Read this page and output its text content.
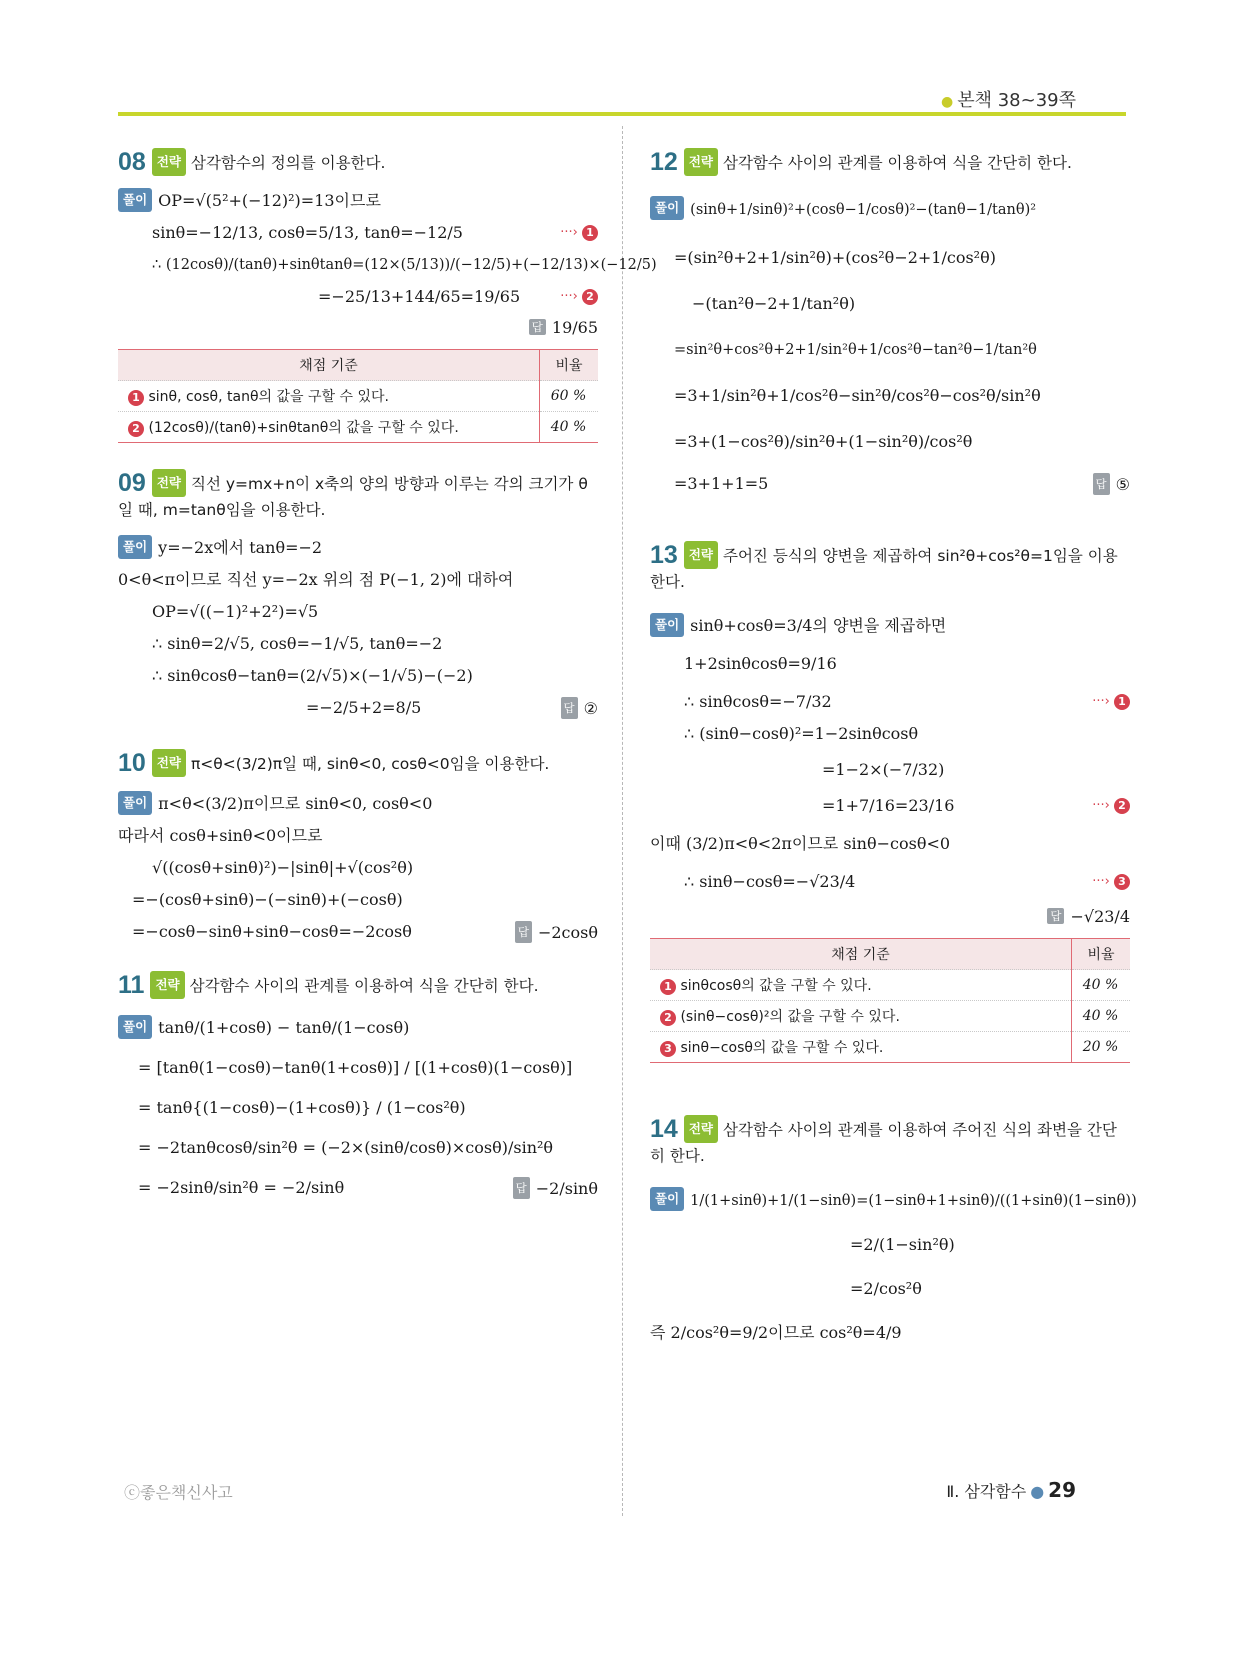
● 본책 38~39쪽
08 전략 삼각함수의 정의를 이용한다.
풀이 OP=√(5²+(−12)²)=13이므로
sinθ=−12/13, cosθ=5/13, tanθ=−12/5	···› 1
∴ (12cosθ)/(tanθ)+sinθtanθ=(12×(5/13))/(−12/5)+(−12/13)×(−12/5)
=−25/13+144/65=19/65	···› 2
답 19/65
채점 기준	비율
1 sinθ, cosθ, tanθ의 값을 구할 수 있다.	60 %
2 (12cosθ)/(tanθ)+sinθtanθ의 값을 구할 수 있다.	40 %
09 전략 직선 y=mx+n이 x축의 양의 방향과 이루는 각의 크기가 θ일 때, m=tanθ임을 이용한다.
풀이 y=−2x에서 tanθ=−2
0<θ<π이므로 직선 y=−2x 위의 점 P(−1, 2)에 대하여
OP=√((−1)²+2²)=√5
∴ sinθ=2/√5, cosθ=−1/√5, tanθ=−2
∴ sinθcosθ−tanθ=(2/√5)×(−1/√5)−(−2)
=−2/5+2=8/5	답 ②
10 전략 π<θ<(3/2)π일 때, sinθ<0, cosθ<0임을 이용한다.
풀이 π<θ<(3/2)π이므로 sinθ<0, cosθ<0
따라서 cosθ+sinθ<0이므로
√((cosθ+sinθ)²)−|sinθ|+√(cos²θ)
=−(cosθ+sinθ)−(−sinθ)+(−cosθ)
=−cosθ−sinθ+sinθ−cosθ=−2cosθ	답 −2cosθ
11 전략 삼각함수 사이의 관계를 이용하여 식을 간단히 한다.
풀이 tanθ/(1+cosθ) − tanθ/(1−cosθ)
= [tanθ(1−cosθ)−tanθ(1+cosθ)] / [(1+cosθ)(1−cosθ)]
= tanθ{(1−cosθ)−(1+cosθ)} / (1−cos²θ)
= −2tanθcosθ/sin²θ = (−2×(sinθ/cosθ)×cosθ)/sin²θ
= −2sinθ/sin²θ = −2/sinθ	답 −2/sinθ
12 전략 삼각함수 사이의 관계를 이용하여 식을 간단히 한다.
풀이 (sinθ+1/sinθ)²+(cosθ−1/cosθ)²−(tanθ−1/tanθ)²
=(sin²θ+2+1/sin²θ)+(cos²θ−2+1/cos²θ)
−(tan²θ−2+1/tan²θ)
=sin²θ+cos²θ+2+1/sin²θ+1/cos²θ−tan²θ−1/tan²θ
=3+1/sin²θ+1/cos²θ−sin²θ/cos²θ−cos²θ/sin²θ
=3+(1−cos²θ)/sin²θ+(1−sin²θ)/cos²θ
=3+1+1=5	답 ⑤
13 전략 주어진 등식의 양변을 제곱하여 sin²θ+cos²θ=1임을 이용한다.
풀이 sinθ+cosθ=3/4의 양변을 제곱하면
1+2sinθcosθ=9/16
∴ sinθcosθ=−7/32	···› 1
∴ (sinθ−cosθ)²=1−2sinθcosθ
=1−2×(−7/32)
=1+7/16=23/16	···› 2
이때 (3/2)π<θ<2π이므로 sinθ−cosθ<0
∴ sinθ−cosθ=−√23/4	···› 3
답 −√23/4
채점 기준	비율
1 sinθcosθ의 값을 구할 수 있다.	40 %
2 (sinθ−cosθ)²의 값을 구할 수 있다.	40 %
3 sinθ−cosθ의 값을 구할 수 있다.	20 %
14 전략 삼각함수 사이의 관계를 이용하여 주어진 식의 좌변을 간단히 한다.
풀이 1/(1+sinθ)+1/(1−sinθ)=(1−sinθ+1+sinθ)/((1+sinθ)(1−sinθ))
=2/(1−sin²θ)
=2/cos²θ
즉 2/cos²θ=9/2이므로 cos²θ=4/9
ⓒ좋은책신사고	Ⅱ. 삼각함수 ● 29
